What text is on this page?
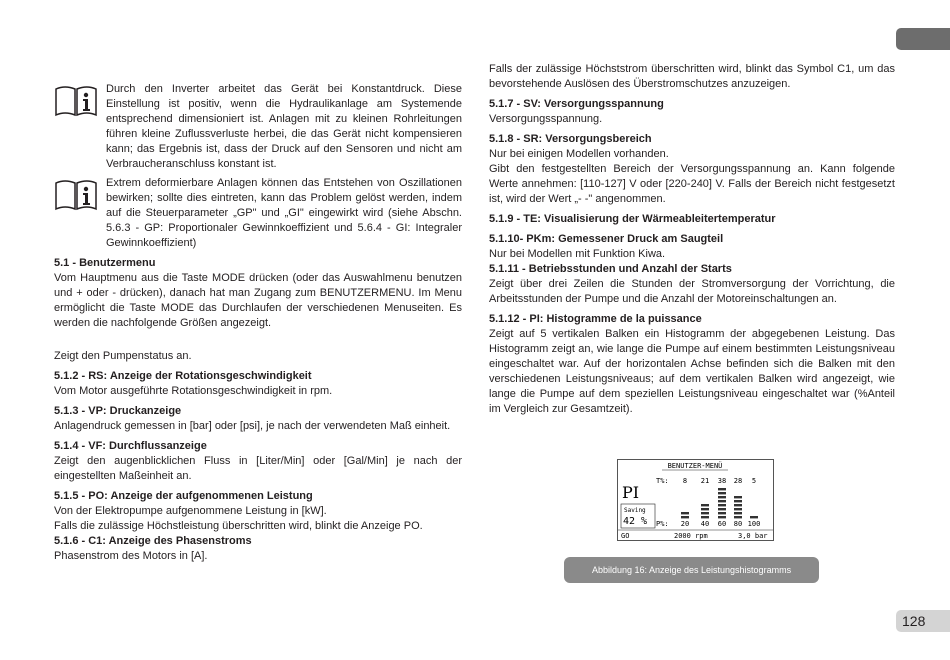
128

Durch den Inverter arbeitet das Gerät bei Konstantdruck. Diese Einstellung ist positiv, wenn die Hydraulikanlage am Systemende entsprechend dimensioniert ist. Anlagen mit zu kleinen Rohrleitungen führen kleine Zuflussverluste herbei, die das Gerät nicht kompensieren kann; das Ergebnis ist, dass der Druck auf den Sensoren und nicht am Verbraucheranschluss konstant ist.

Extrem deformierbare Anlagen können das Entstehen von Oszillationen bewirken; sollte dies eintreten, kann das Problem gelöst werden, indem auf die Steuerparameter „GP" und „GI" eingewirkt wird (siehe Abschn. 5.6.3 - GP: Proportionaler Gewinnkoeffizient und 5.6.4 - GI: Integraler Gewinnkoeffizient)

5.1 - Benutzermenu

Vom Hauptmenu aus die Taste MODE drücken (oder das Auswahlmenu benutzen und + oder - drücken), danach hat man Zugang zum BENUTZERMENU. Im Menu ermöglicht die Taste MODE das Durchlaufen der verschiedenen Menuseiten. Es werden die nachfolgende Größen angezeigt.

Zeigt den Pumpenstatus an.

5.1.2 - RS: Anzeige der Rotationsgeschwindigkeit

Vom Motor ausgeführte Rotationsgeschwindigkeit in rpm.

5.1.3 - VP: Druckanzeige

Anlagendruck gemessen in [bar] oder [psi], je nach der verwendeten Maß einheit.

5.1.4 - VF: Durchflussanzeige

Zeigt den augenblicklichen Fluss in [Liter/Min] oder [Gal/Min] je nach der eingestellten Maßeinheit an.

5.1.5 - PO: Anzeige der aufgenommenen Leistung

Von der Elektropumpe aufgenommene Leistung in [kW].

Falls die zulässige Höchstleistung überschritten wird, blinkt die Anzeige PO.

5.1.6 - C1: Anzeige des Phasenstroms

Phasenstrom des Motors in [A].

Falls der zulässige Höchststrom überschritten wird, blinkt das Symbol C1, um das bevorstehende Auslösen des Überstromschutzes anzuzeigen.

5.1.7 - SV: Versorgungsspannung

Versorgungsspannung.

5.1.8 - SR: Versorgungsbereich

Nur bei einigen Modellen vorhanden.

Gibt den festgestellten Bereich der Versorgungsspannung an. Kann folgende Werte annehmen: [110-127] V oder [220-240] V. Falls der Bereich nicht festgesetzt ist, wird der Wert „- -" angenommen.

5.1.9 - TE: Visualisierung der Wärmeableitertemperatur

5.1.10- PKm: Gemessener Druck am Saugteil

Nur bei Modellen mit Funktion Kiwa.

5.1.11 - Betriebsstunden und Anzahl der Starts

Zeigt über drei Zeilen die Stunden der Stromversorgung der Vorrichtung, die Arbeitsstunden der Pumpe und die Anzahl der Motoreinschaltungen an.

5.1.12 - PI: Histogramme de la puissance

Zeigt auf 5 vertikalen Balken ein Histogramm der abgegebenen Leistung. Das Histogramm zeigt an, wie lange die Pumpe auf einem bestimmten Leistungsniveau eingeschaltet war. Auf der horizontalen Achse befinden sich die Balken mit den verschiedenen Leistungsniveaus; auf dem vertikalen Balken wird angezeigt, wie lange die Pumpe auf dem speziellen Leistungsniveau eingeschaltet war (%Anteil im Vergleich zur Gesamtzeit).

BENUTZER-MENÜ
T%:
PI
Saving
42 % P%:
8 21 38 28 5
20 40 60 80 100
GO	2000 rpm	3,0 bar
Abbildung 16: Anzeige des Leistungshistogramms
